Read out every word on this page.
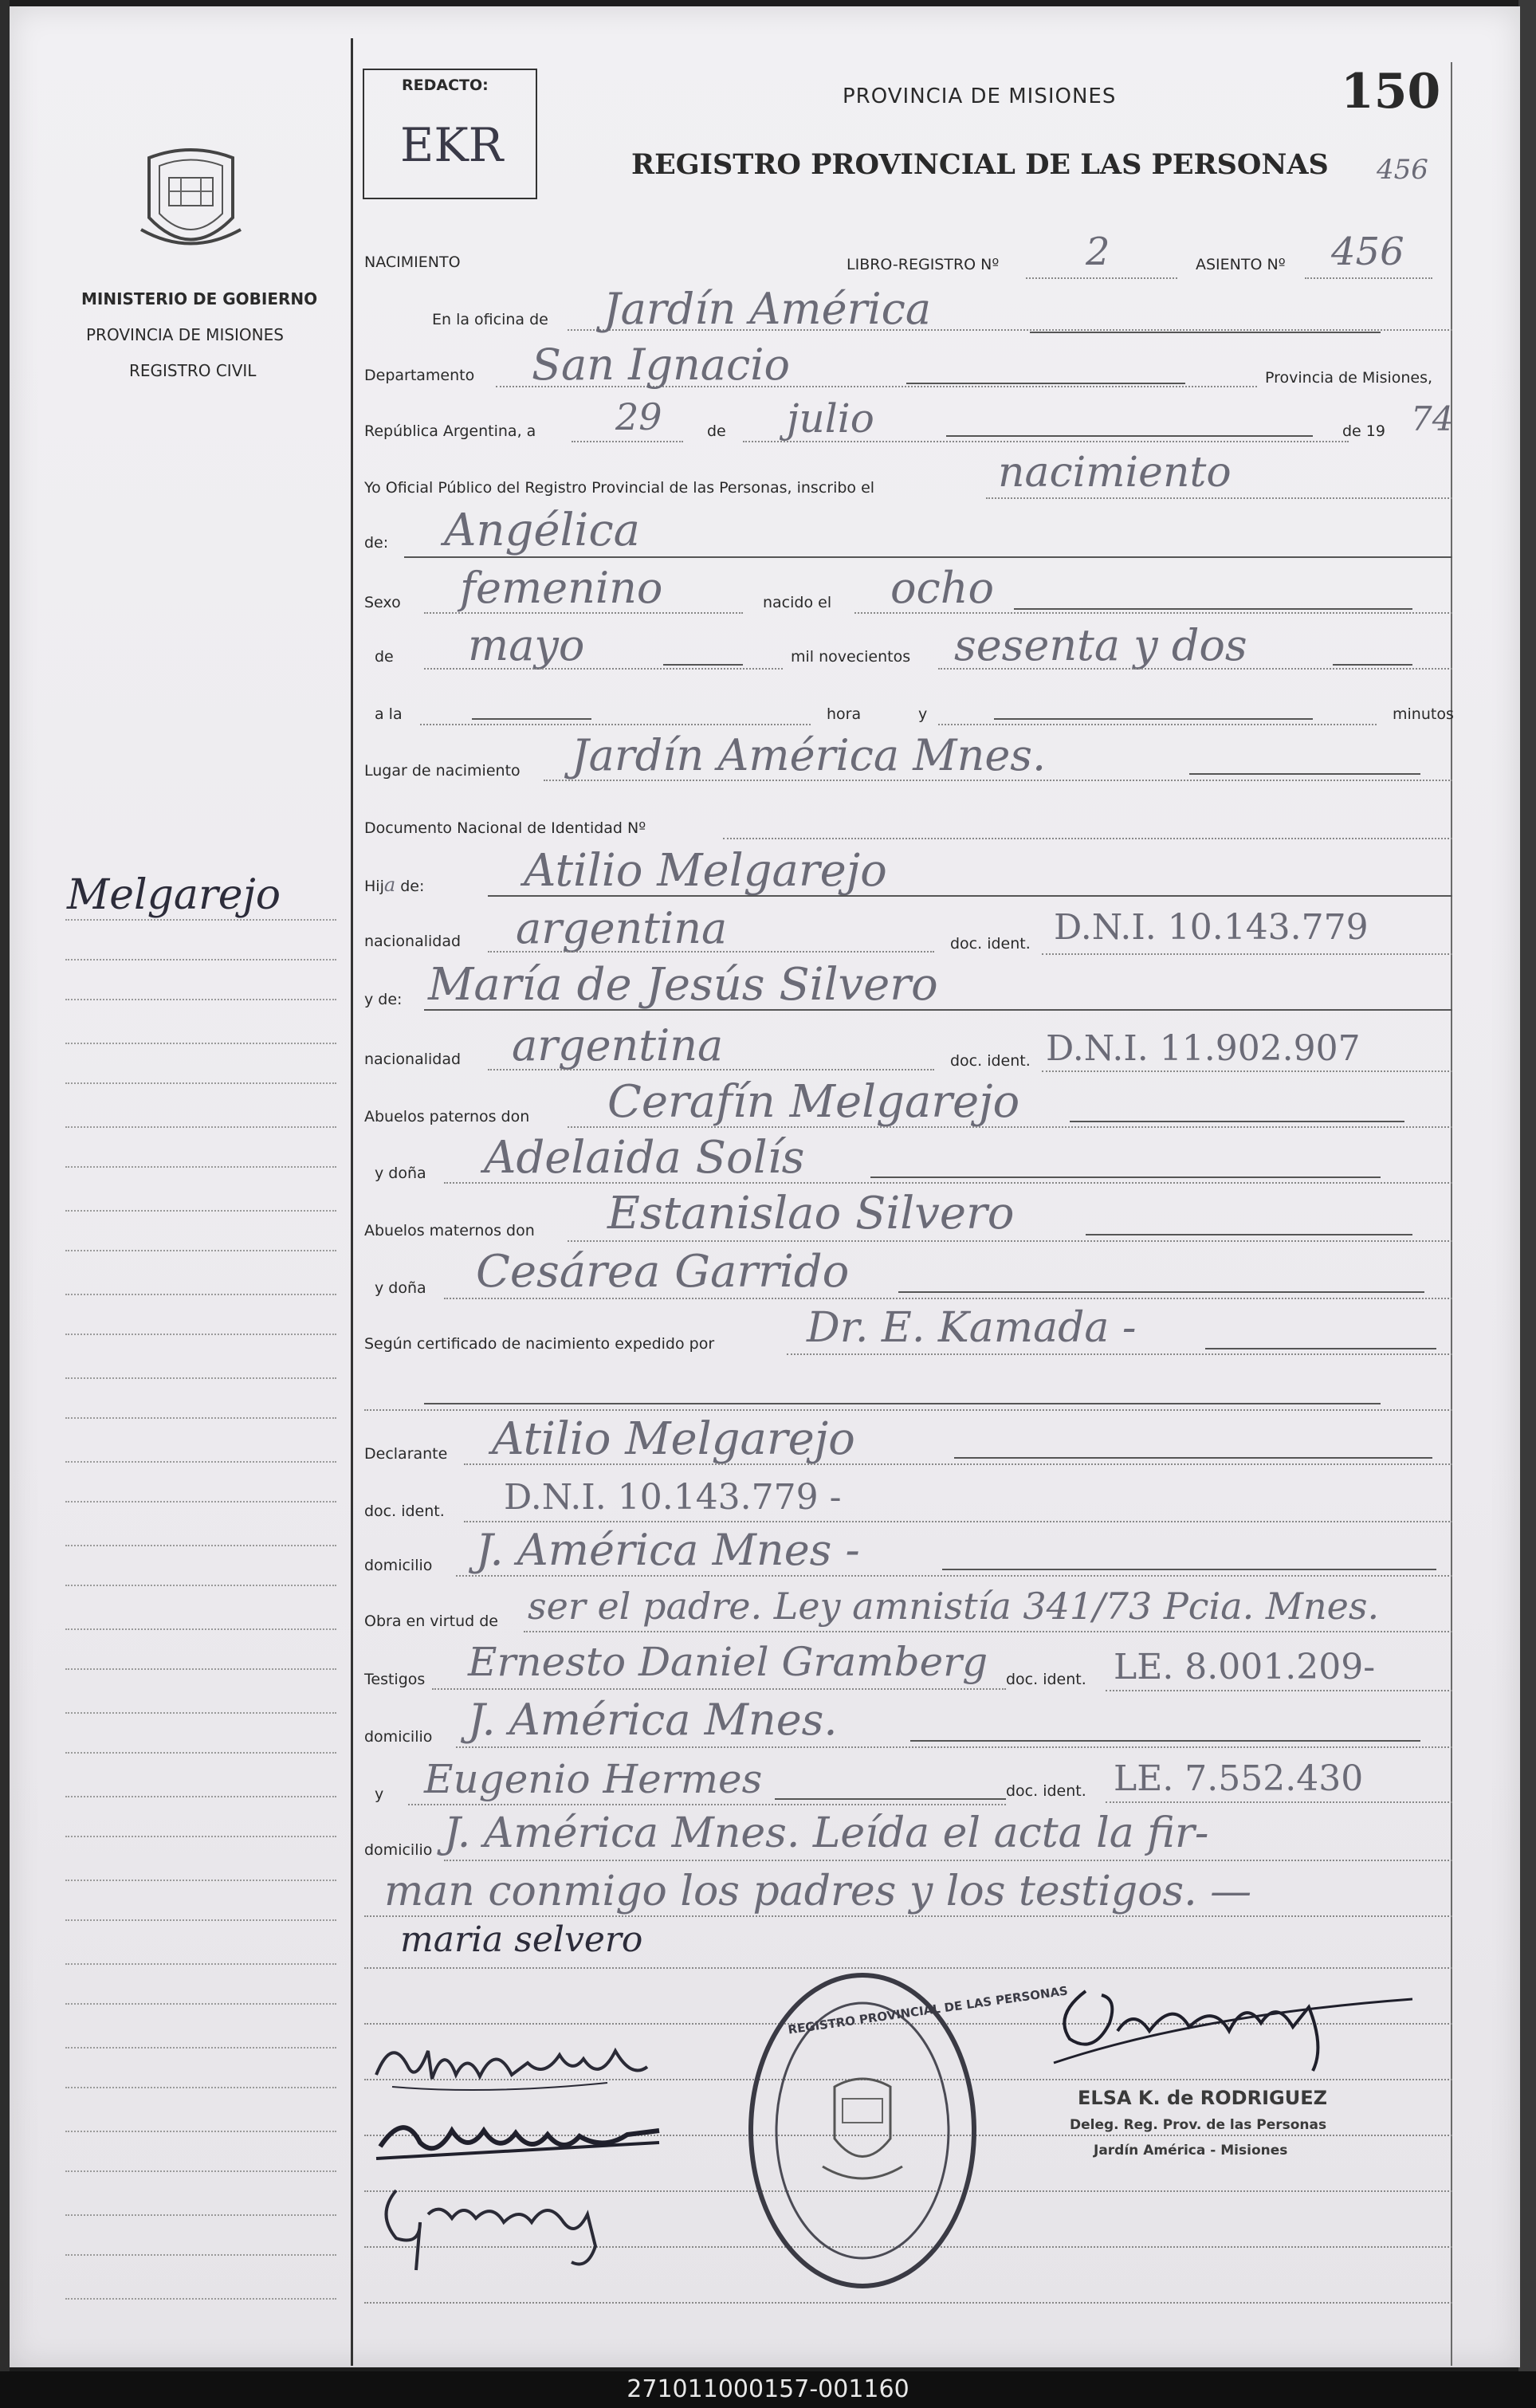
MINISTERIO DE GOBIERNO
PROVINCIA DE MISIONES
REGISTRO CIVIL
Melgarejo
REDACTO:
EKR
PROVINCIA DE MISIONES	150
REGISTRO PROVINCIAL DE LAS PERSONAS 456
NACIMIENTO	LIBRO-REGISTRO Nº 2	ASIENTO Nº 456
En la oficina de Jardín América
Departamento San Ignacio	Provincia de Misiones,
República Argentina, a 29	de julio	de 19 74
Yo Oficial Público del Registro Provincial de las Personas, inscribo el	nacimiento
de: Angélica
Sexo femenino	nacido el ocho
de mayo	mil novecientos sesenta y dos
a la	hora	y	minutos
Lugar de nacimiento Jardín América Mnes.
Documento Nacional de Identidad Nº
Hija de: Atilio Melgarejo
nacionalidad argentina	doc. ident. D.N.I. 10.143.779
y de: María de Jesús Silvero
nacionalidad argentina	doc. ident. D.N.I. 11.902.907
Abuelos paternos don Cerafín Melgarejo
y doña Adelaida Solís
Abuelos maternos don Estanislao Silvero
y doña Cesárea Garrido
Según certificado de nacimiento expedido por Dr. E. Kamada -
Declarante Atilio Melgarejo
doc. ident. D.N.I. 10.143.779 -
domicilio J. América Mnes -
Obra en virtud de ser el padre. Ley amnistía 341/73 Pcia. Mnes.
Testigos Ernesto Daniel Gramberg doc. ident. LE. 8.001.209-
domicilio J. América Mnes.
y Eugenio Hermes	doc. ident. LE. 7.552.430
domicilio J. América Mnes. Leída el acta la fir-
man conmigo los padres y los testigos. —
maria selvero
REGISTRO PROVINCIAL DE LAS PERSONAS
ELSA K. de RODRIGUEZ
Deleg. Reg. Prov. de las Personas
Jardín América - Misiones
271011000157-001160
